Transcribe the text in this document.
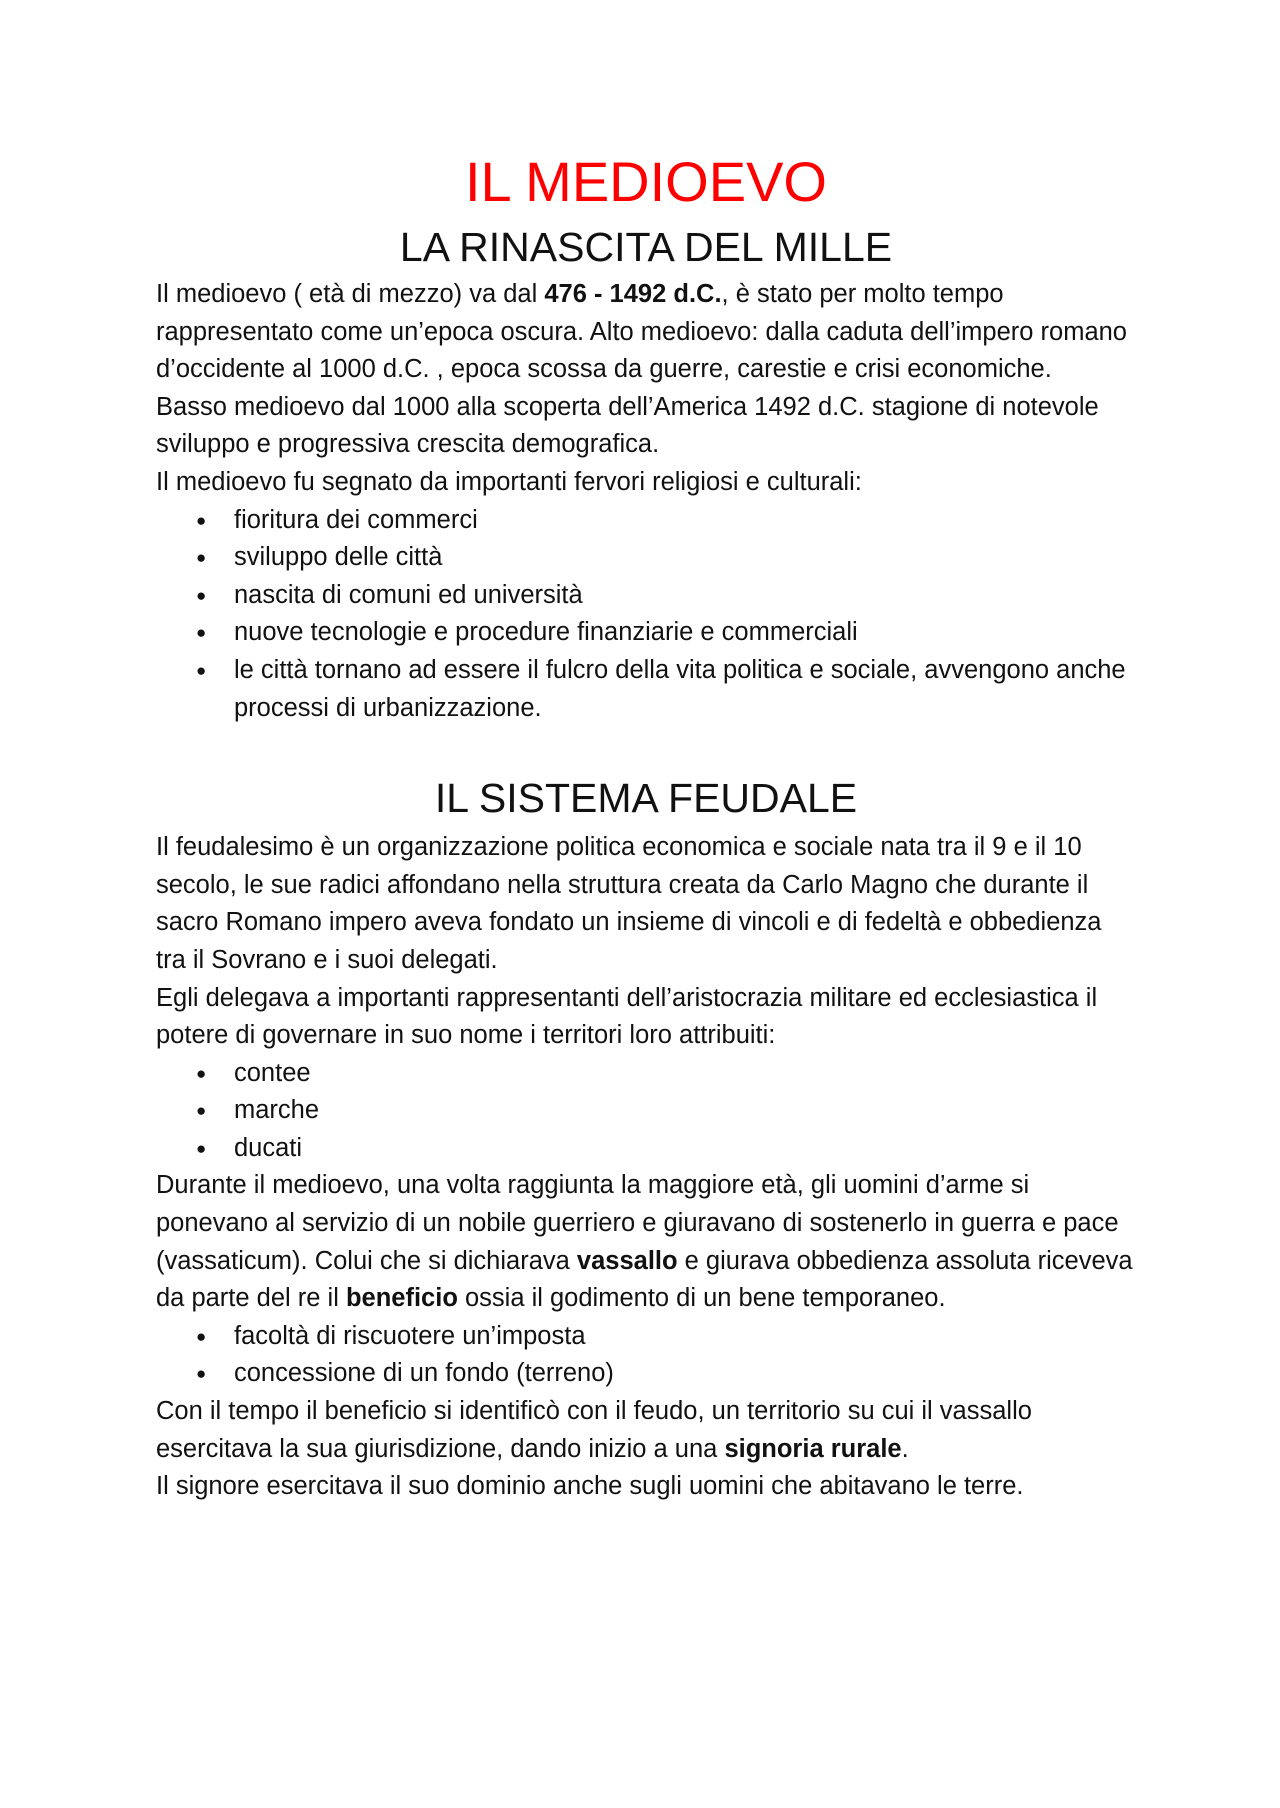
IL MEDIOEVO
LA RINASCITA DEL MILLE

Il medioevo ( età di mezzo) va dal 476 - 1492 d.C., è stato per molto tempo rappresentato come un’epoca oscura. Alto medioevo: dalla caduta dell’impero romano d’occidente al 1000 d.C. , epoca scossa da guerre, carestie e crisi economiche.

Basso medioevo dal 1000 alla scoperta dell’America 1492 d.C. stagione di notevole sviluppo e progressiva crescita demografica.

Il medioevo fu segnato da importanti fervori religiosi e culturali:

● fioritura dei commerci
● sviluppo delle città
● nascita di comuni ed università
● nuove tecnologie e procedure finanziarie e commerciali
● le città tornano ad essere il fulcro della vita politica e sociale, avvengono anche processi di urbanizzazione.
IL SISTEMA FEUDALE

Il feudalesimo è un organizzazione politica economica e sociale nata tra il 9 e il 10 secolo, le sue radici affondano nella struttura creata da Carlo Magno che durante il sacro Romano impero aveva fondato un insieme di vincoli e di fedeltà e obbedienza tra il Sovrano e i suoi delegati.

Egli delegava a importanti rappresentanti dell’aristocrazia militare ed ecclesiastica il potere di governare in suo nome i territori loro attribuiti:

● contee
● marche
● ducati

Durante il medioevo, una volta raggiunta la maggiore età, gli uomini d’arme si ponevano al servizio di un nobile guerriero e giuravano di sostenerlo in guerra e pace (vassaticum). Colui che si dichiarava vassallo e giurava obbedienza assoluta riceveva da parte del re il beneficio ossia il godimento di un bene temporaneo.

● facoltà di riscuotere un’imposta
● concessione di un fondo (terreno)

Con il tempo il beneficio si identificò con il feudo, un territorio su cui il vassallo esercitava la sua giurisdizione, dando inizio a una signoria rurale.

Il signore esercitava il suo dominio anche sugli uomini che abitavano le terre.
